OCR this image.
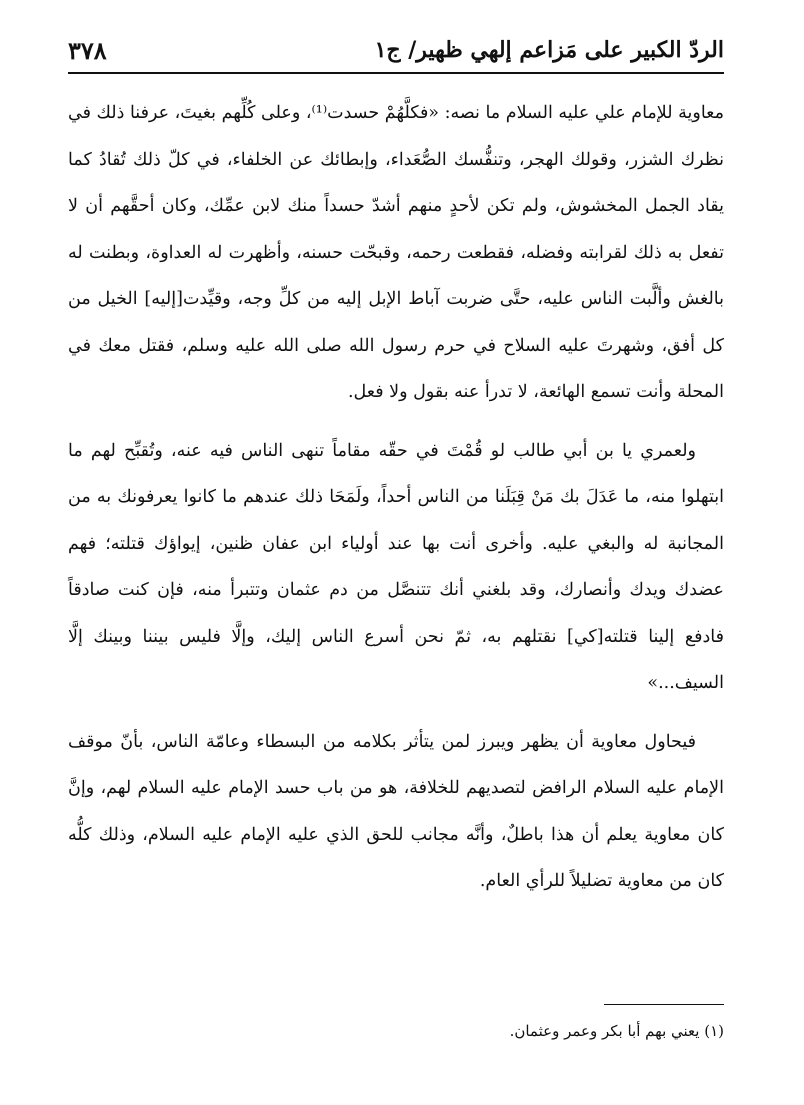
الردّ الكبير على مَزاعم إلهي ظهير/ ج١
٣٧٨

معاوية للإمام علي عليه السلام ما نصه: «فكلَّهُمْ حسدت⁽¹⁾، وعلى كُلِّهم بغيتَ، عرفنا ذلك في نظرك الشزر، وقولك الهجر، وتنفُّسك الصُّعَداء، وإبطائك عن الخلفاء، في كلّ ذلك تُقادُ كما يقاد الجمل المخشوش، ولم تكن لأحدٍ منهم أشدّ حسداً منك لابن عمِّك، وكان أحقَّهم أن لا تفعل به ذلك لقرابته وفضله، فقطعت رحمه، وقبحّت حسنه، وأظهرت له العداوة، وبطنت له بالغش وألَّبت الناس عليه، حتَّى ضربت آباط الإبل إليه من كلِّ وجه، وقيِّدت[إليه] الخيل من كل أفق، وشهرتَ عليه السلاح في حرم رسول الله صلى الله عليه وسلم، فقتل معك في المحلة وأنت تسمع الهائعة، لا تدرأ عنه بقول ولا فعل.

ولعمري يا بن أبي طالب لو قُمْتَ في حقّه مقاماً تنهى الناس فيه عنه، وتُقبِّح لهم ما ابتهلوا منه، ما عَدَلَ بك مَنْ قِبَلَنا من الناس أحداً، ولَمَحَا ذلك عندهم ما كانوا يعرفونك به من المجانبة له والبغي عليه. وأخرى أنت بها عند أولياء ابن عفان ظنين، إيواؤك قتلته؛ فهم عضدك ويدك وأنصارك، وقد بلغني أنك تتنصَّل من دم عثمان وتتبرأ منه، فإن كنت صادقاً فادفع إلينا قتلته[كي] نقتلهم به، ثمّ نحن أسرع الناس إليك، وإلَّا فليس بيننا وبينك إلَّا السيف...»

فيحاول معاوية أن يظهر ويبرز لمن يتأثر بكلامه من البسطاء وعامّة الناس، بأنّ موقف الإمام عليه السلام الرافض لتصديهم للخلافة، هو من باب حسد الإمام عليه السلام لهم، وإنَّ كان معاوية يعلم أن هذا باطلٌ، وأنَّه مجانب للحق الذي عليه الإمام عليه السلام، وذلك كلُّه كان من معاوية تضليلاً للرأي العام.

(١) يعني بهم أبا بكر وعمر وعثمان.
